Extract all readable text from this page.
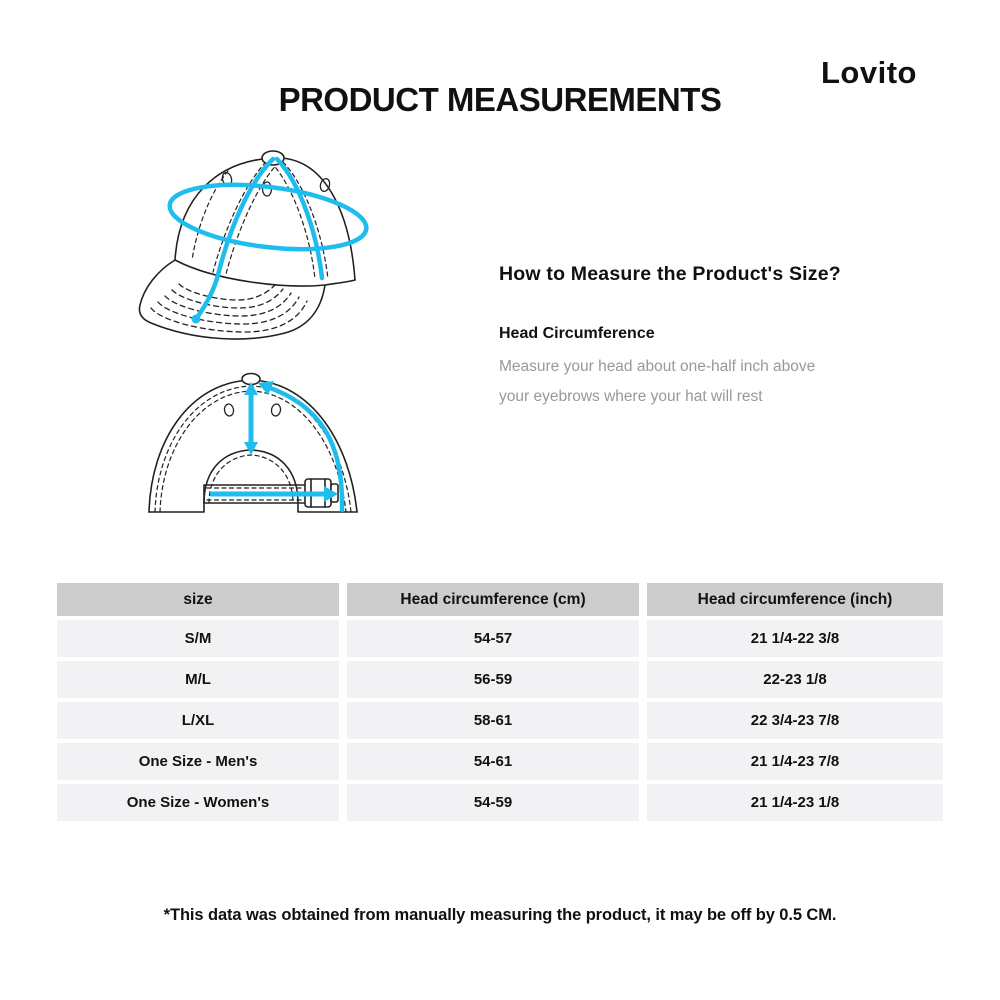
PRODUCT MEASUREMENTS
Lovito
How to Measure the Product's Size?
Head Circumference

Measure your head about one-half inch above
your eyebrows where your hat will rest

size	Head circumference (cm)	Head circumference (inch)
S/M	54-57	21 1/4-22 3/8
M/L	56-59	22-23 1/8
L/XL	58-61	22 3/4-23 7/8
One Size - Men's	54-61	21 1/4-23 7/8
One Size - Women's	54-59	21 1/4-23 1/8

*This data was obtained from manually measuring the product, it may be off by 0.5 CM.
